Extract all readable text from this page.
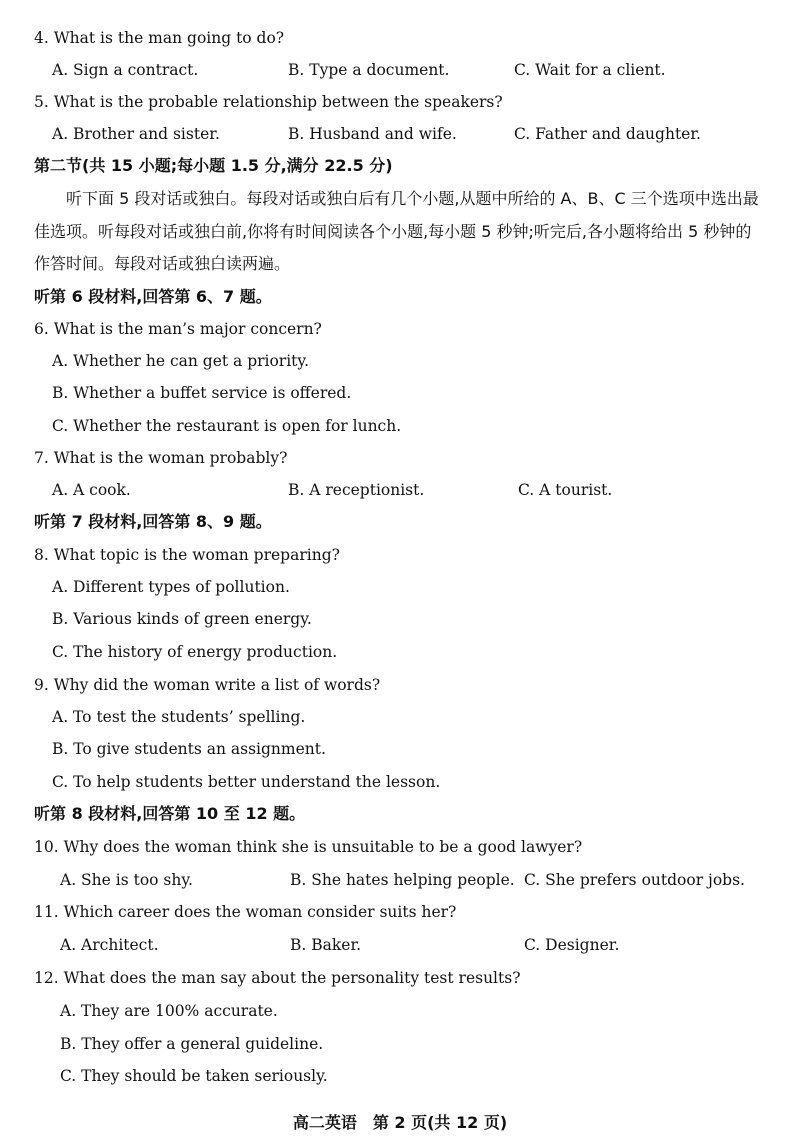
4. What is the man going to do?
A. Sign a contract.	B. Type a document.	C. Wait for a client.
5. What is the probable relationship between the speakers?
A. Brother and sister.	B. Husband and wife.	C. Father and daughter.
第二节(共 15 小题;每小题 1.5 分,满分 22.5 分)
听下面 5 段对话或独白。每段对话或独白后有几个小题,从题中所给的 A、B、C 三个选项中选出最佳选项。听每段对话或独白前,你将有时间阅读各个小题,每小题 5 秒钟;听完后,各小题将给出 5 秒钟的作答时间。每段对话或独白读两遍。
听第 6 段材料,回答第 6、7 题。
6. What is the man’s major concern?
A. Whether he can get a priority.
B. Whether a buffet service is offered.
C. Whether the restaurant is open for lunch.
7. What is the woman probably?
A. A cook.	B. A receptionist.	C. A tourist.
听第 7 段材料,回答第 8、9 题。
8. What topic is the woman preparing?
A. Different types of pollution.
B. Various kinds of green energy.
C. The history of energy production.
9. Why did the woman write a list of words?
A. To test the students’ spelling.
B. To give students an assignment.
C. To help students better understand the lesson.
听第 8 段材料,回答第 10 至 12 题。
10. Why does the woman think she is unsuitable to be a good lawyer?
A. She is too shy.	B. She hates helping people. C. She prefers outdoor jobs.
11. Which career does the woman consider suits her?
A. Architect.	B. Baker.	C. Designer.
12. What does the man say about the personality test results?
A. They are 100% accurate.
B. They offer a general guideline.
C. They should be taken seriously.
高二英语　第 2 页(共 12 页)
